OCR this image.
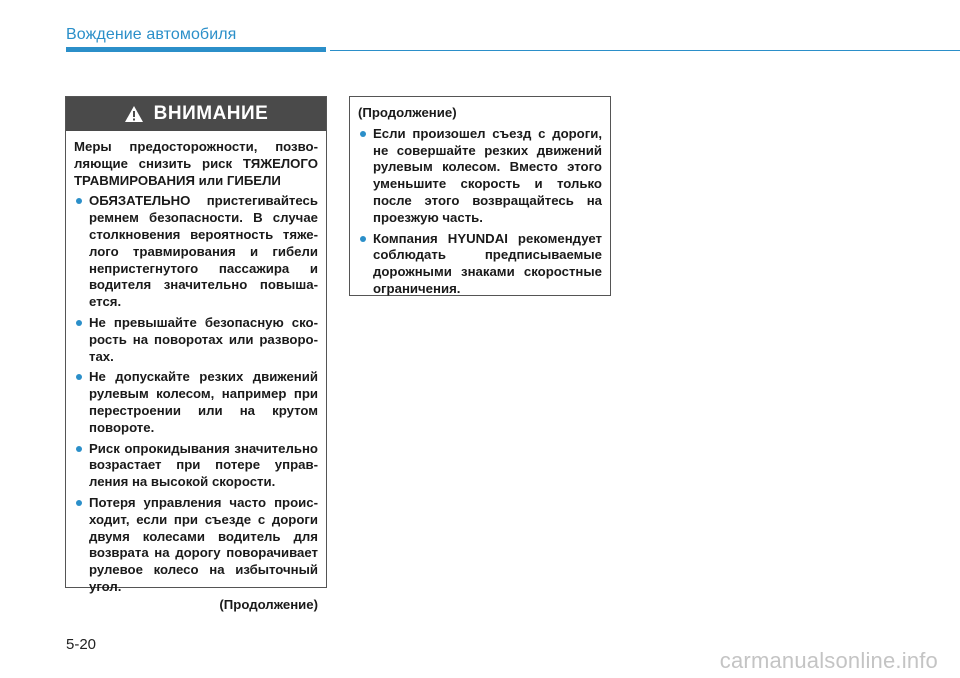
Вождение автомобиля
ВНИМАНИЕ

Меры предосторожности, позволяющие снизить риск ТЯЖЕЛОГО ТРАВМИРОВАНИЯ или ГИБЕЛИ

ОБЯЗАТЕЛЬНО пристегивайтесь ремнем безопасности. В случае столкновения вероятность тяжелого травмирования и гибели непристегнутого пассажира и водителя значительно повышается.
Не превышайте безопасную скорость на поворотах или разворотах.
Не допускайте резких движений рулевым колесом, например при перестроении или на крутом повороте.
Риск опрокидывания значительно возрастает при потере управления на высокой скорости.
Потеря управления часто происходит, если при съезде с дороги двумя колесами водитель для возврата на дорогу поворачивает рулевое колесо на избыточный угол.
(Продолжение)

(Продолжение)

Если произошел съезд с дороги, не совершайте резких движений рулевым колесом. Вместо этого уменьшите скорость и только после этого возвращайтесь на проезжую часть.
Компания HYUNDAI рекомендует соблюдать предписываемые дорожными знаками скоростные ограничения.
5-20
carmanualsonline.info
